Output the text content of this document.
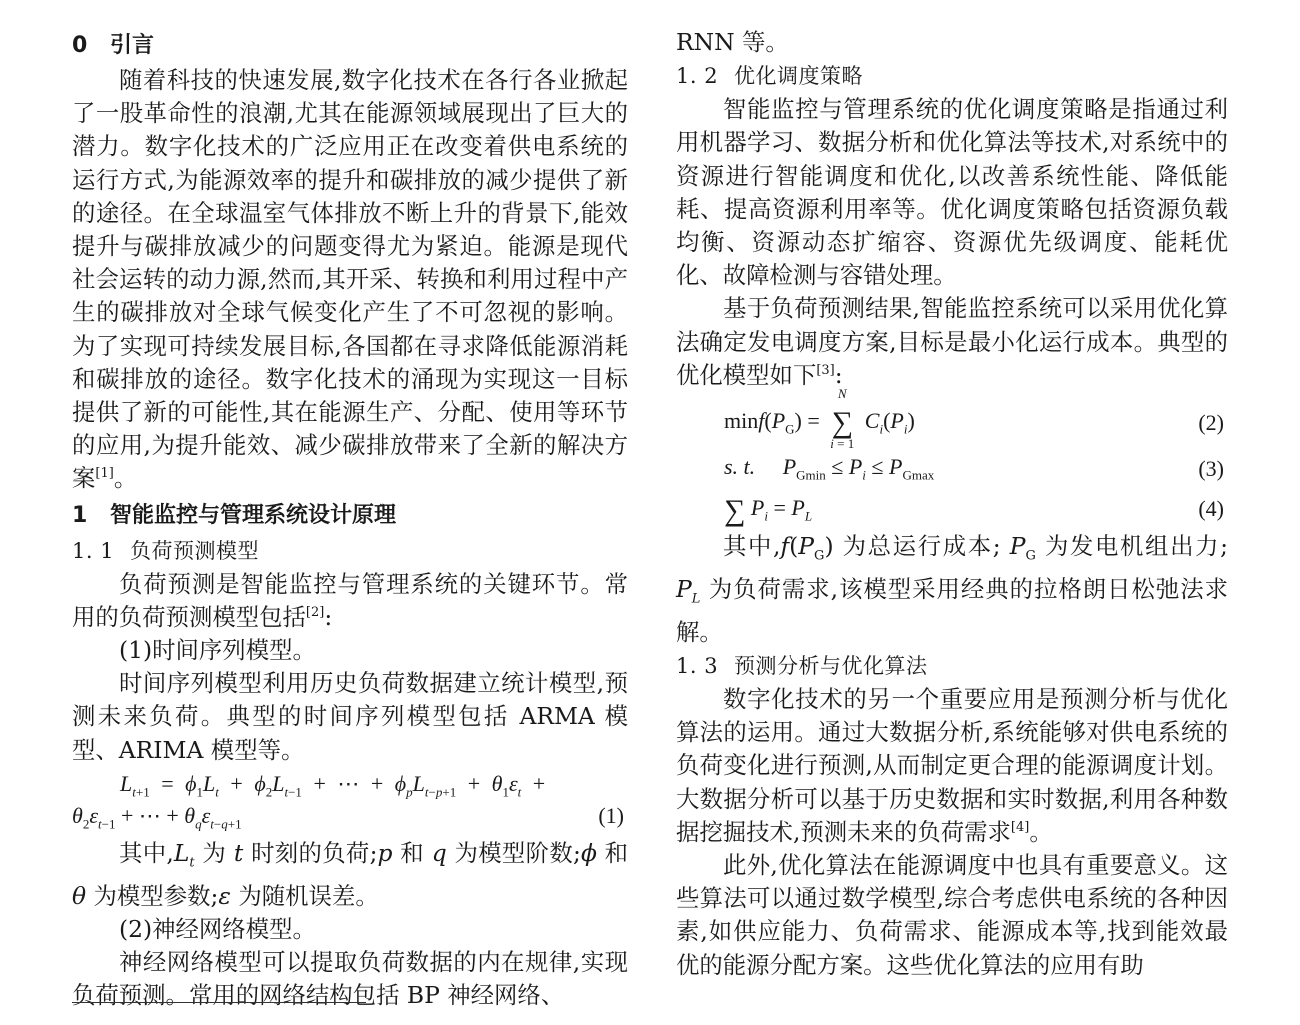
0 引言

随着科技的快速发展,数字化技术在各行各业掀起了一股革命性的浪潮,尤其在能源领域展现出了巨大的潜力。数字化技术的广泛应用正在改变着供电系统的运行方式,为能源效率的提升和碳排放的减少提供了新的途径。在全球温室气体排放不断上升的背景下,能效提升与碳排放减少的问题变得尤为紧迫。能源是现代社会运转的动力源,然而,其开采、转换和利用过程中产生的碳排放对全球气候变化产生了不可忽视的影响。为了实现可持续发展目标,各国都在寻求降低能源消耗和碳排放的途径。数字化技术的涌现为实现这一目标提供了新的可能性,其在能源生产、分配、使用等环节的应用,为提升能效、减少碳排放带来了全新的解决方案[1]。

1 智能监控与管理系统设计原理
1. 1 负荷预测模型

负荷预测是智能监控与管理系统的关键环节。常用的负荷预测模型包括[2]:

(1)时间序列模型。

时间序列模型利用历史负荷数据建立统计模型,预测未来负荷。典型的时间序列模型包括 ARMA 模型、ARIMA 模型等。

$L_{t+1} = \phi_1L_t + \phi_2L_{t-1}$ + ⋯ + $\phi_pL_{t-p+1} + \theta_1\varepsilon_t$ +
$\theta_2\varepsilon_{t-1}$ + ⋯ + $\theta_q\varepsilon_{t-q+1}$	(1)

其中$,L_t$ 为 t 时刻的负荷;p 和 q 为模型阶数;ϕ 和 θ 为模型参数;ε 为随机误差。

(2)神经网络模型。

神经网络模型可以提取负荷数据的内在规律,实现负荷预测。常用的网络结构包括 BP 神经网络、

RNN 等。

1. 2 优化调度策略

智能监控与管理系统的优化调度策略是指通过利用机器学习、数据分析和优化算法等技术,对系统中的资源进行智能调度和优化,以改善系统性能、降低能耗、提高资源利用率等。优化调度策略包括资源负载均衡、资源动态扩缩容、资源优先级调度、能耗优化、故障检测与容错处理。

基于负荷预测结果,智能监控系统可以采用优化算法确定发电调度方案,目标是最小化运行成本。典型的优化模型如下[3]:

$\min f(P_G)$ =
N
∑
i = 1
$C_i(P_i)$	(2)
s. t. $P_{Gmin} \le P_i \le P_{Gmax}$	(3)
∑ $P_i = P_L$	(4)

其中$,f(P_G)$ 为总运行成本; $P_G$ 为发电机组出力; $P_L$ 为负荷需求,该模型采用经典的拉格朗日松弛法求解。

1. 3 预测分析与优化算法

数字化技术的另一个重要应用是预测分析与优化算法的运用。通过大数据分析,系统能够对供电系统的负荷变化进行预测,从而制定更合理的能源调度计划。大数据分析可以基于历史数据和实时数据,利用各种数据挖掘技术,预测未来的负荷需求[4]。

此外,优化算法在能源调度中也具有重要意义。这些算法可以通过数学模型,综合考虑供电系统的各种因素,如供应能力、负荷需求、能源成本等,找到能效最优的能源分配方案。这些优化算法的应用有助
